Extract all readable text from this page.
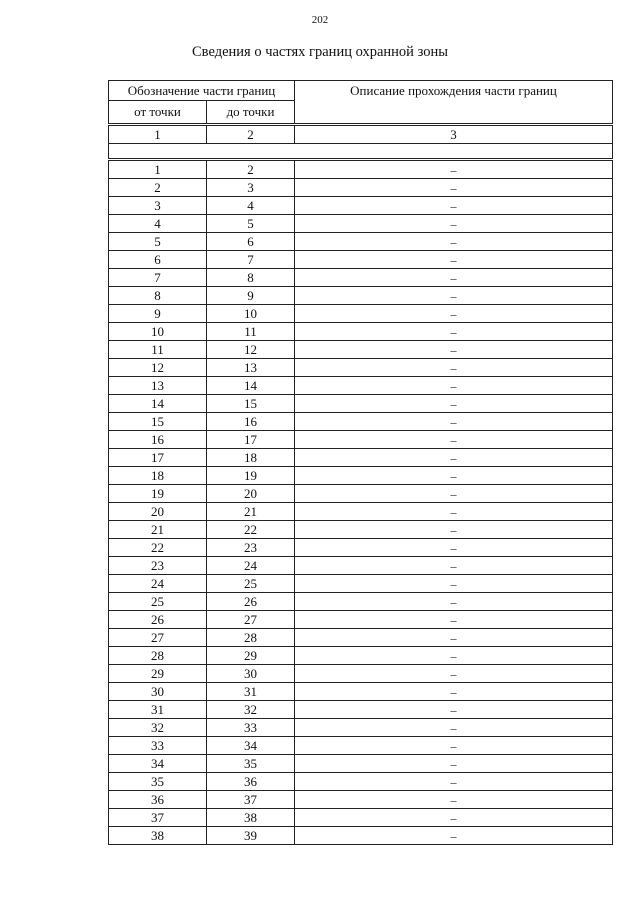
202
Сведения о частях границ охранной зоны
Обозначение части границ		Описание прохождения части границ
от точки	до точки	

1	2	3

1	2	–
2	3	–
3	4	–
4	5	–
5	6	–
6	7	–
7	8	–
8	9	–
9	10	–
10	11	–
11	12	–
12	13	–
13	14	–
14	15	–
15	16	–
16	17	–
17	18	–
18	19	–
19	20	–
20	21	–
21	22	–
22	23	–
23	24	–
24	25	–
25	26	–
26	27	–
27	28	–
28	29	–
29	30	–
30	31	–
31	32	–
32	33	–
33	34	–
34	35	–
35	36	–
36	37	–
37	38	–
38	39	–
